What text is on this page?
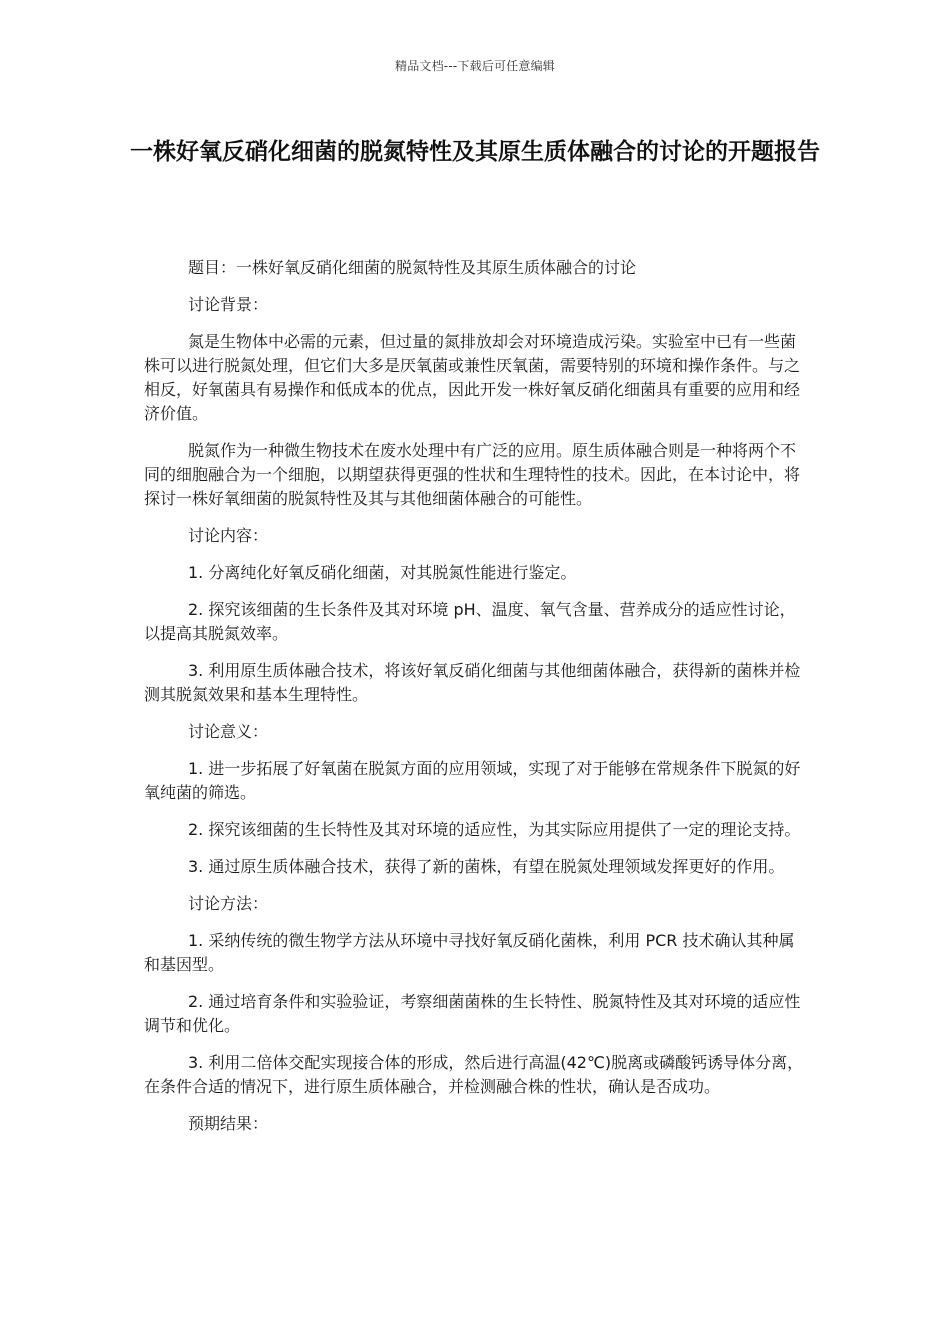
精品文档---下载后可任意编辑
一株好氧反硝化细菌的脱氮特性及其原生质体融合的讨论的开题报告

题目：一株好氧反硝化细菌的脱氮特性及其原生质体融合的讨论

讨论背景：

氮是生物体中必需的元素，但过量的氮排放却会对环境造成污染。实验室中已有一些菌株可以进行脱氮处理，但它们大多是厌氧菌或兼性厌氧菌，需要特别的环境和操作条件。与之相反，好氧菌具有易操作和低成本的优点，因此开发一株好氧反硝化细菌具有重要的应用和经济价值。

脱氮作为一种微生物技术在废水处理中有广泛的应用。原生质体融合则是一种将两个不同的细胞融合为一个细胞，以期望获得更强的性状和生理特性的技术。因此，在本讨论中，将探讨一株好氧细菌的脱氮特性及其与其他细菌体融合的可能性。

讨论内容：

1. 分离纯化好氧反硝化细菌，对其脱氮性能进行鉴定。

2. 探究该细菌的生长条件及其对环境 pH、温度、氧气含量、营养成分的适应性讨论，以提高其脱氮效率。

3. 利用原生质体融合技术，将该好氧反硝化细菌与其他细菌体融合，获得新的菌株并检测其脱氮效果和基本生理特性。

讨论意义：

1. 进一步拓展了好氧菌在脱氮方面的应用领域，实现了对于能够在常规条件下脱氮的好氧纯菌的筛选。

2. 探究该细菌的生长特性及其对环境的适应性，为其实际应用提供了一定的理论支持。

3. 通过原生质体融合技术，获得了新的菌株，有望在脱氮处理领域发挥更好的作用。

讨论方法：

1. 采纳传统的微生物学方法从环境中寻找好氧反硝化菌株，利用 PCR 技术确认其种属和基因型。

2. 通过培育条件和实验验证，考察细菌菌株的生长特性、脱氮特性及其对环境的适应性调节和优化。

3. 利用二倍体交配实现接合体的形成，然后进行高温(42℃)脱离或磷酸钙诱导体分离，在条件合适的情况下，进行原生质体融合，并检测融合株的性状，确认是否成功。

预期结果：
